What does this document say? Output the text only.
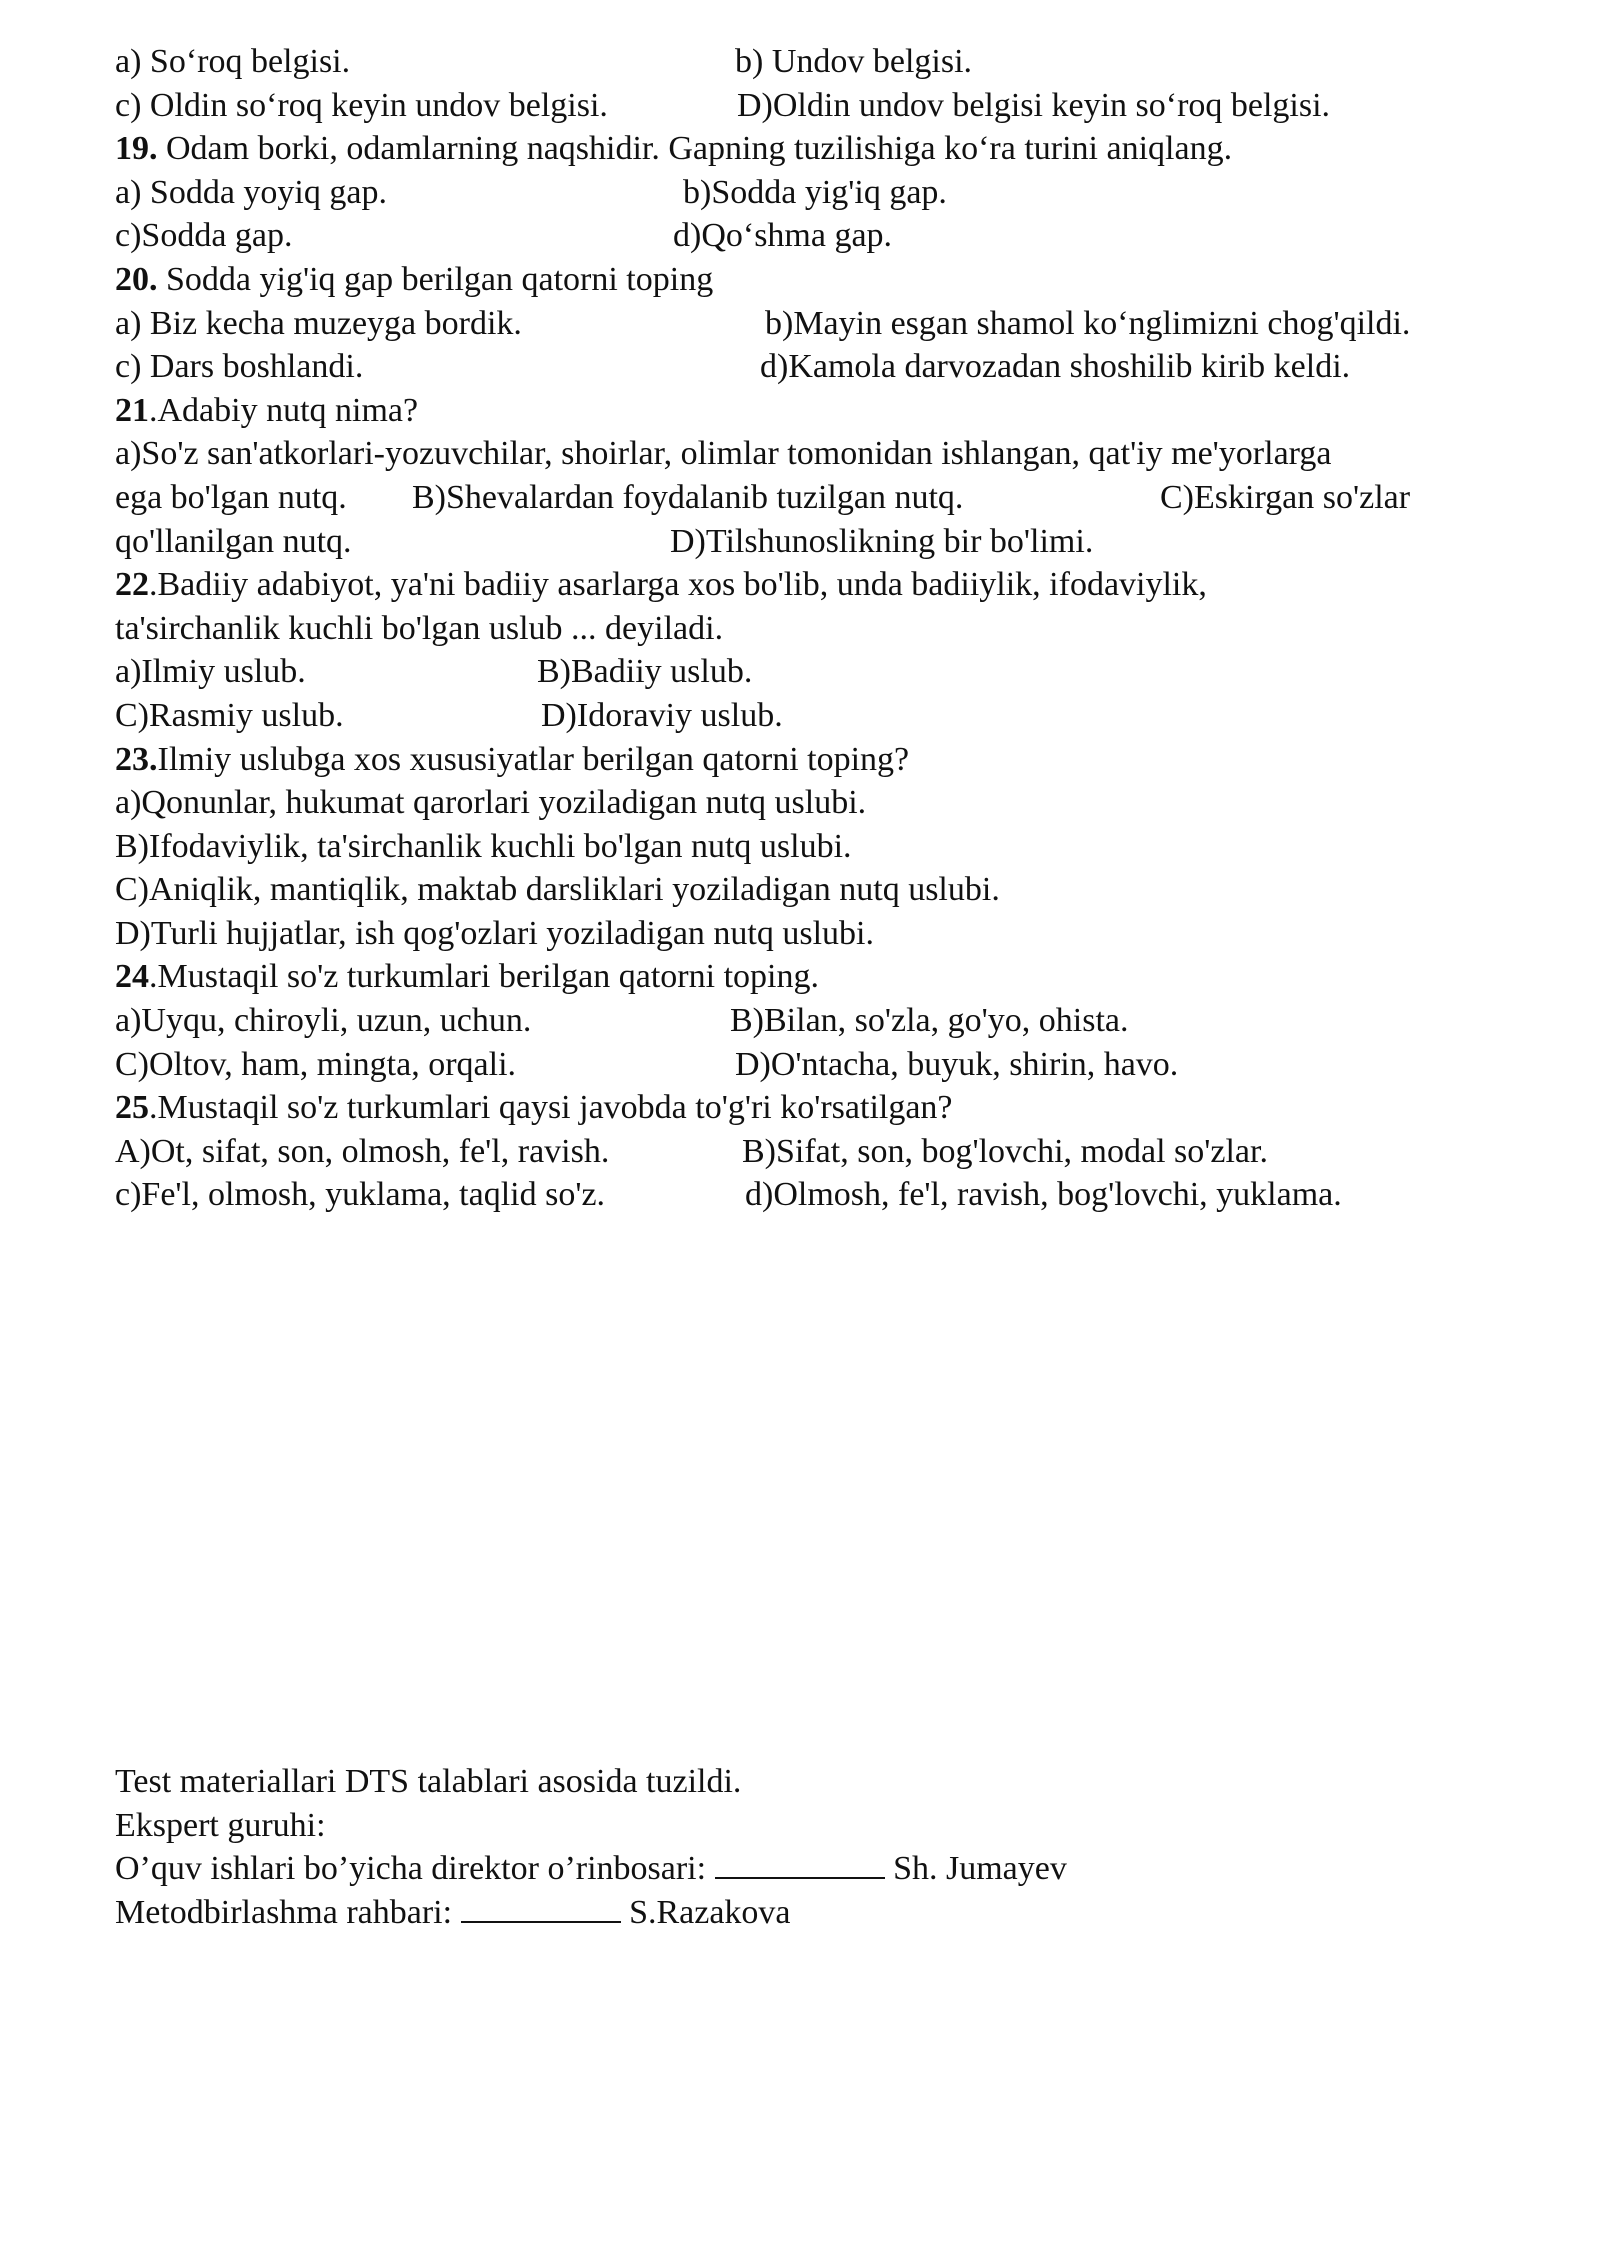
a) So‘roq belgisi.	b) Undov belgisi.
c) Oldin so‘roq keyin undov belgisi.	D)Oldin undov belgisi keyin so‘roq belgisi.
19. Odam borki, odamlarning naqshidir. Gapning tuzilishiga ko‘ra turini aniqlang.
a) Sodda yoyiq gap.	b)Sodda yig'iq gap.
c)Sodda gap.	d)Qo‘shma gap.
20. Sodda yig'iq gap berilgan qatorni toping
a) Biz kecha muzeyga bordik.	b)Mayin esgan shamol ko‘nglimizni chog'qildi.
c) Dars boshlandi.	d)Kamola darvozadan shoshilib kirib keldi.
21.Adabiy nutq nima?
a)So'z san'atkorlari-yozuvchilar, shoirlar, olimlar tomonidan ishlangan, qat'iy me'yorlarga
ega bo'lgan nutq. B)Shevalardan foydalanib tuzilgan nutq.	C)Eskirgan so'zlar
qo'llanilgan nutq.	D)Tilshunoslikning bir bo'limi.
22.Badiiy adabiyot, ya'ni badiiy asarlarga xos bo'lib, unda badiiylik, ifodaviylik,
ta'sirchanlik kuchli bo'lgan uslub ... deyiladi.
a)Ilmiy uslub.	B)Badiiy uslub.
C)Rasmiy uslub.	D)Idoraviy uslub.
23.Ilmiy uslubga xos xususiyatlar berilgan qatorni toping?
a)Qonunlar, hukumat qarorlari yoziladigan nutq uslubi.
B)Ifodaviylik, ta'sirchanlik kuchli bo'lgan nutq uslubi.
C)Aniqlik, mantiqlik, maktab darsliklari yoziladigan nutq uslubi.
D)Turli hujjatlar, ish qog'ozlari yoziladigan nutq uslubi.
24.Mustaqil so'z turkumlari berilgan qatorni toping.
a)Uyqu, chiroyli, uzun, uchun.	B)Bilan, so'zla, go'yo, ohista.
C)Oltov, ham, mingta, orqali.	D)O'ntacha, buyuk, shirin, havo.
25.Mustaqil so'z turkumlari qaysi javobda to'g'ri ko'rsatilgan?
A)Ot, sifat, son, olmosh, fe'l, ravish.	B)Sifat, son, bog'lovchi, modal so'zlar.
c)Fe'l, olmosh, yuklama, taqlid so'z.	d)Olmosh, fe'l, ravish, bog'lovchi, yuklama.
Test materiallari DTS talablari asosida tuzildi.
Ekspert guruhi:
O’quv ishlari bo’yicha direktor o’rinbosari:	Sh. Jumayev
Metodbirlashma rahbari:	S.Razakova
